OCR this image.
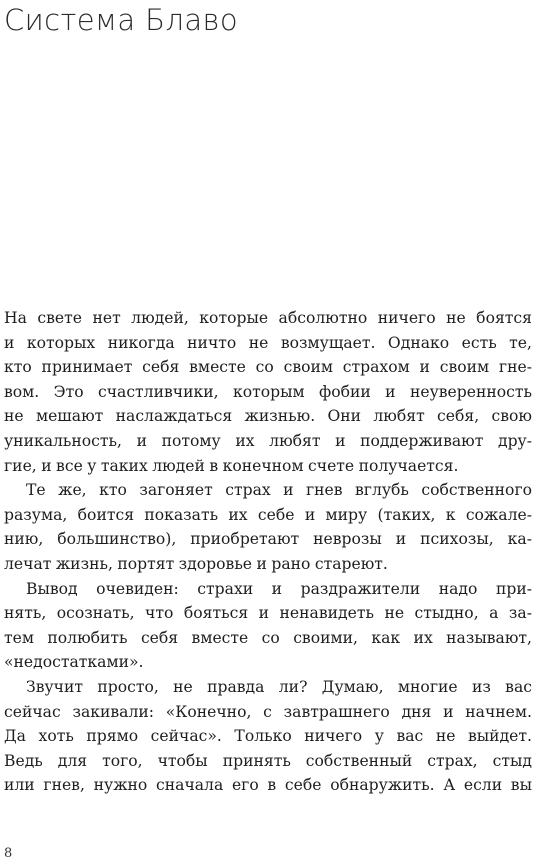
Система Блаво

На свете нет людей, которые абсолютно ничего не боятся

и которых никогда ничто не возмущает. Однако есть те,

кто принимает себя вместе со своим страхом и своим гне-

вом. Это счастливчики, которым фобии и неуверенность

не мешают наслаждаться жизнью. Они любят себя, свою

уникальность, и потому их любят и поддерживают дру-

гие, и все у таких людей в конечном счете получается.

Те же, кто загоняет страх и гнев вглубь собственного

разума, боится показать их себе и миру (таких, к сожале-

нию, большинство), приобретают неврозы и психозы, ка-

лечат жизнь, портят здоровье и рано стареют.

Вывод очевиден: страхи и раздражители надо при-

нять, осознать, что бояться и ненавидеть не стыдно, а за-

тем полюбить себя вместе со своими, как их называют,

«недостатками».

Звучит просто, не правда ли? Думаю, многие из вас

сейчас закивали: «Конечно, с завтрашнего дня и начнем.

Да хоть прямо сейчас». Только ничего у вас не выйдет.

Ведь для того, чтобы принять собственный страх, стыд

или гнев, нужно сначала его в себе обнаружить. А если вы

8
